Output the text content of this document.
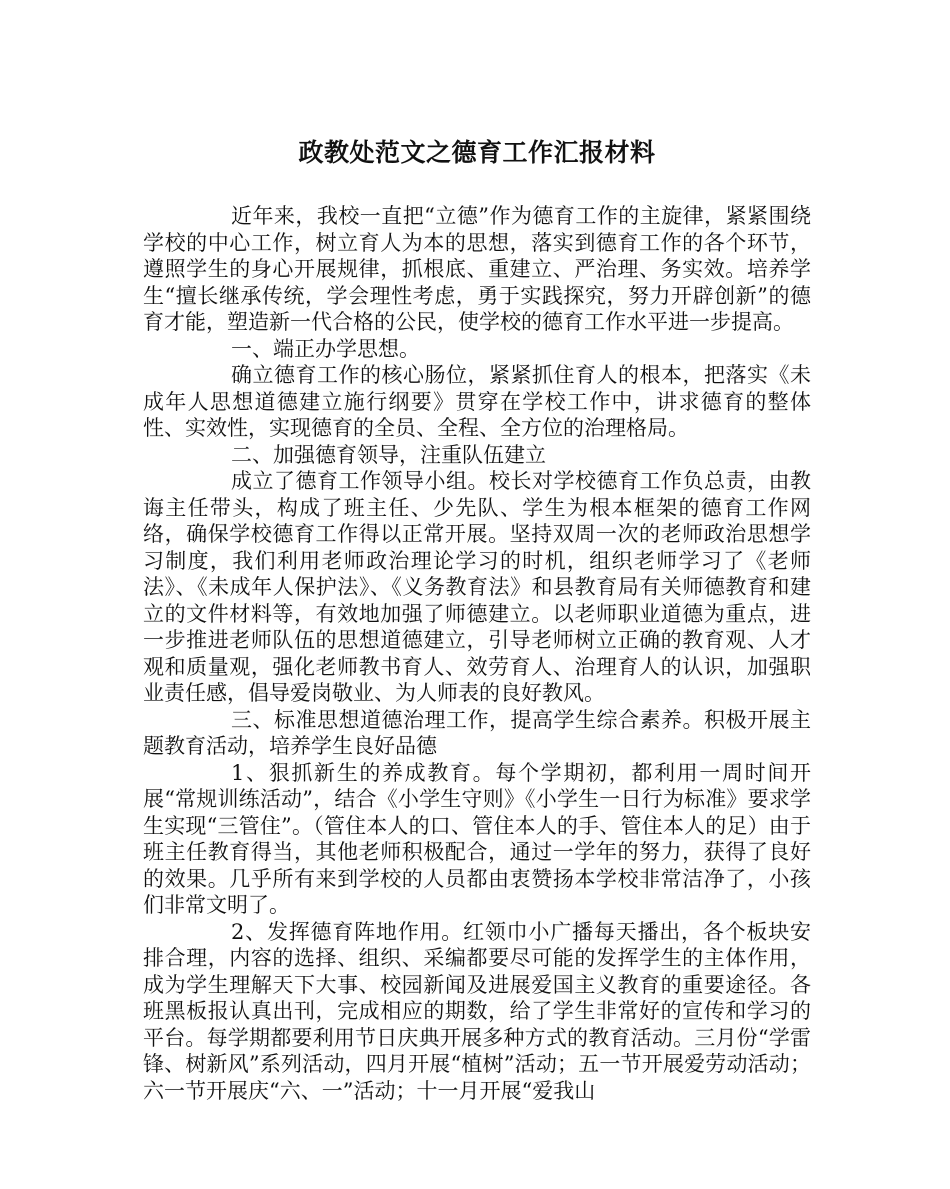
政教处范文之德育工作汇报材料

近年来，我校一直把“立德”作为德育工作的主旋律，紧紧围绕学校的中心工作，树立育人为本的思想，落实到德育工作的各个环节，遵照学生的身心开展规律，抓根底、重建立、严治理、务实效。培养学生“擅长继承传统，学会理性考虑，勇于实践探究，努力开辟创新”的德育才能，塑造新一代合格的公民，使学校的德育工作水平进一步提高。

一、端正办学思想。

确立德育工作的核心肠位，紧紧抓住育人的根本，把落实《未成年人思想道德建立施行纲要》贯穿在学校工作中，讲求德育的整体性、实效性，实现德育的全员、全程、全方位的治理格局。

二、加强德育领导，注重队伍建立

成立了德育工作领导小组。校长对学校德育工作负总责，由教诲主任带头，构成了班主任、少先队、学生为根本框架的德育工作网络，确保学校德育工作得以正常开展。坚持双周一次的老师政治思想学习制度，我们利用老师政治理论学习的时机，组织老师学习了《老师法》、《未成年人保护法》、《义务教育法》和县教育局有关师德教育和建立的文件材料等，有效地加强了师德建立。以老师职业道德为重点，进一步推进老师队伍的思想道德建立，引导老师树立正确的教育观、人才观和质量观，强化老师教书育人、效劳育人、治理育人的认识，加强职业责任感，倡导爱岗敬业、为人师表的良好教风。

三、标准思想道德治理工作，提高学生综合素养。积极开展主题教育活动，培养学生良好品德

1、狠抓新生的养成教育。每个学期初，都利用一周时间开展“常规训练活动”，结合《小学生守则》《小学生一日行为标准》要求学生实现“三管住”。（管住本人的口、管住本人的手、管住本人的足）由于班主任教育得当，其他老师积极配合，通过一学年的努力，获得了良好的效果。几乎所有来到学校的人员都由衷赞扬本学校非常洁净了，小孩们非常文明了。

2、发挥德育阵地作用。红领巾小广播每天播出，各个板块安排合理，内容的选择、组织、采编都要尽可能的发挥学生的主体作用，成为学生理解天下大事、校园新闻及进展爱国主义教育的重要途径。各班黑板报认真出刊，完成相应的期数，给了学生非常好的宣传和学习的平台。每学期都要利用节日庆典开展多种方式的教育活动。三月份“学雷锋、树新风”系列活动，四月开展“植树”活动；五一节开展爱劳动活动；六一节开展庆“六、一”活动；十一月开展“爱我山
